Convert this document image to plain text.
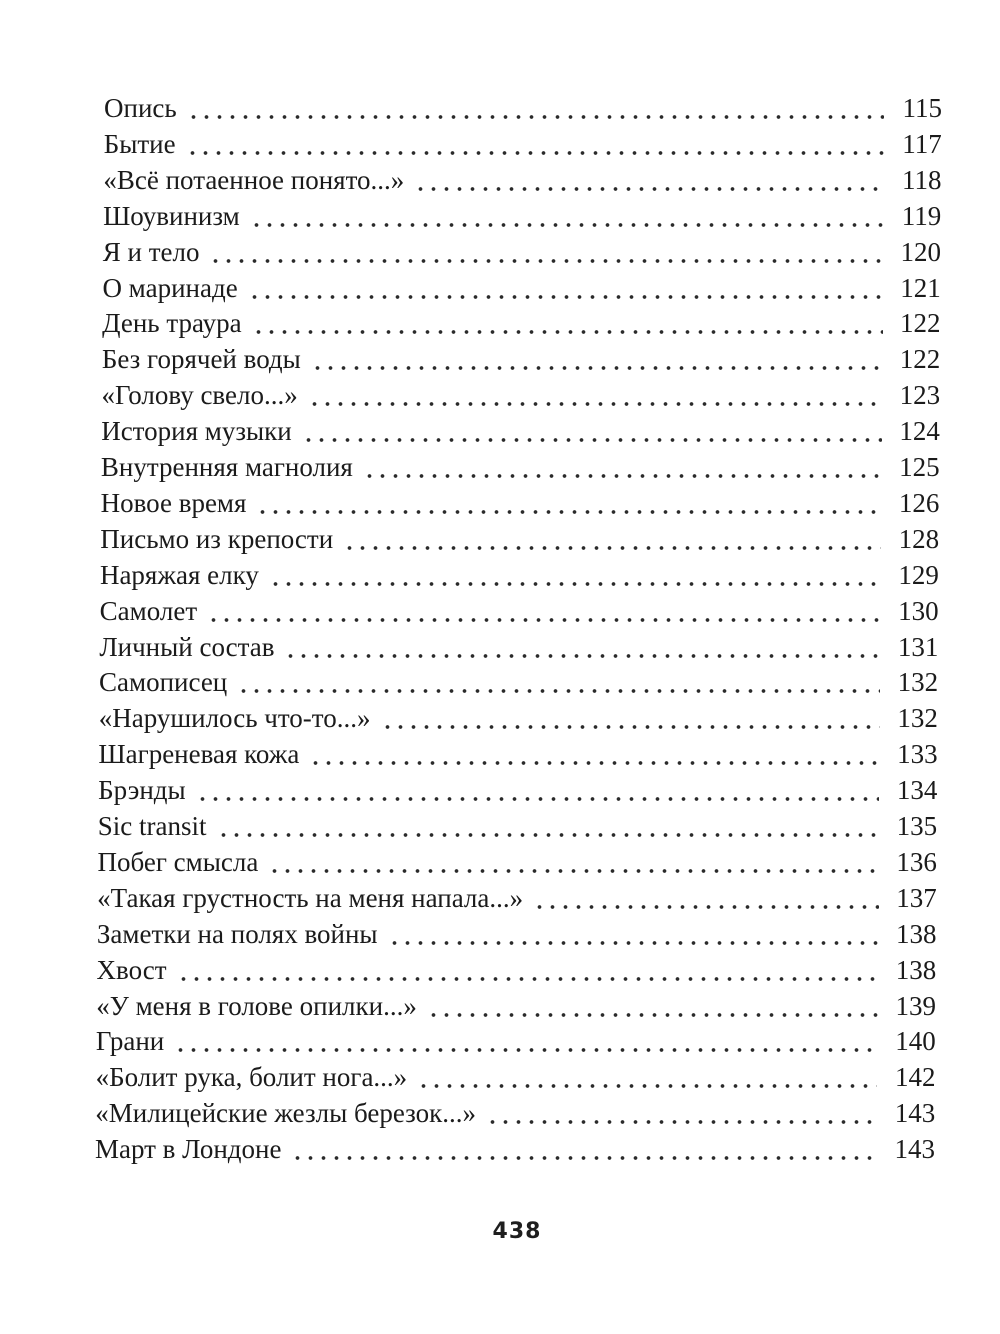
Опись	115
Бытие	117
«Всё потаенное понято...»	118
Шоувинизм	119
Я и тело	120
О маринаде	121
День траура	122
Без горячей воды	122
«Голову свело...»	123
История музыки	124
Внутренняя магнолия	125
Новое время	126
Письмо из крепости	128
Наряжая елку	129
Самолет	130
Личный состав	131
Самописец	132
«Нарушилось что-то...»	132
Шагреневая кожа	133
Брэнды	134
Sic transit	135
Побег смысла	136
«Такая грустность на меня напала...»	137
Заметки на полях войны	138
Хвост	138
«У меня в голове опилки...»	139
Грани	140
«Болит рука, болит нога...»	142
«Милицейские жезлы березок...»	143
Март в Лондоне	143
438
